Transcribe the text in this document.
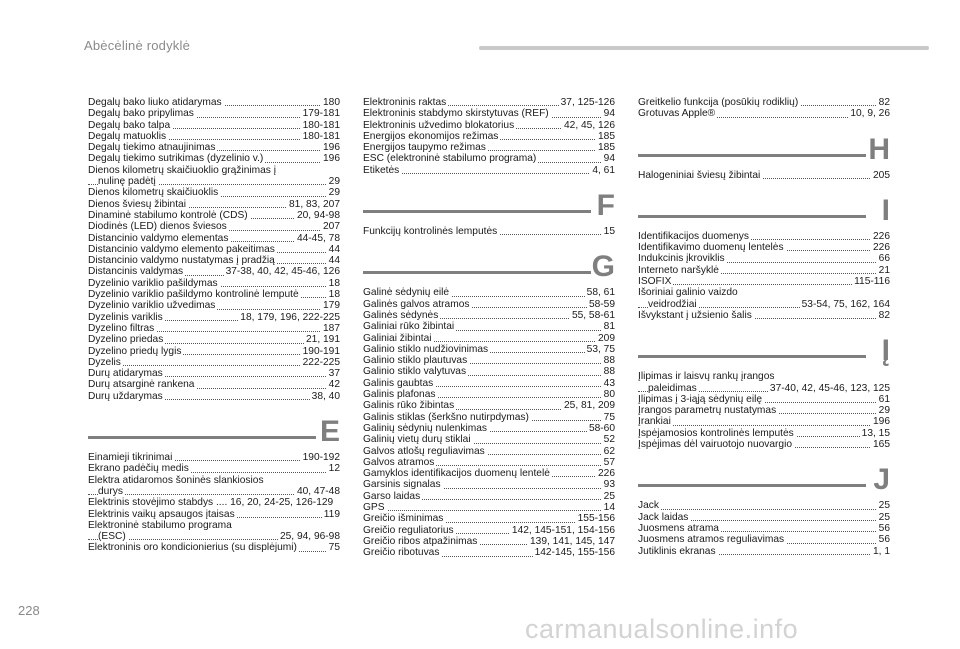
Abėcėlinė rodyklė
180
Degalų bako liuko atidarymas
179-181
Degalų bako pripylimas
180-181
Degalų bako talpa
180-181
Degalų matuoklis
196
Degalų tiekimo atnaujinimas
196
Degalų tiekimo sutrikimas (dyzelinio v.)
Dienos kilometrų skaičiuoklio grąžinimas į
29
nulinę padėtį
29
Dienos kilometrų skaičiuoklis
81, 83, 207
Dienos šviesų žibintai
20, 94-98
Dinaminė stabilumo kontrolė (CDS)
207
Diodinės (LED) dienos šviesos
44-45, 78
Distancinio valdymo elementas
44
Distancinio valdymo elemento pakeitimas
44
Distancinio valdymo nustatymas į pradžią
37-38, 40, 42, 45-46, 126
Distancinis valdymas
18
Dyzelinio variklio pašildymas
18
Dyzelinio variklio pašildymo kontrolinė lemputė
179
Dyzelinio variklio užvedimas
18, 179, 196, 222-225
Dyzelinis variklis
187
Dyzelino filtras
21, 191
Dyzelino priedas
190-191
Dyzelino priedų lygis
222-225
Dyzelis
37
Durų atidarymas
42
Durų atsarginė rankena
38, 40
Durų uždarymas
E
190-192
Einamieji tikrinimai
12
Ekrano padėčių medis
Elektra atidaromos šoninės slankiosios
40, 47-48
durys
Elektrinis stovėjimo stabdys .... 16, 20, 24-25, 126-129
119
Elektrinis vaikų apsaugos įtaisas
Elektroninė stabilumo programa
25, 94, 96-98
(ESC)
75
Elektroninis oro kondicionierius (su displėjumi)
37, 125-126
Elektroninis raktas
94
Elektroninis stabdymo skirstytuvas (REF)
42, 45, 126
Elektroninis užvedimo blokatorius
185
Energijos ekonomijos režimas
185
Energijos taupymo režimas
94
ESC (elektroninė stabilumo programa)
4, 61
Etiketės
F
15
Funkcijų kontrolinės lemputės
G
58, 61
Galinė sėdynių eilė
58-59
Galinės galvos atramos
55, 58-61
Galinės sėdynės
81
Galiniai rūko žibintai
209
Galiniai žibintai
53, 75
Galinio stiklo nudžiovinimas
88
Galinio stiklo plautuvas
88
Galinio stiklo valytuvas
43
Galinis gaubtas
80
Galinis plafonas
25, 81, 209
Galinis rūko žibintas
75
Galinis stiklas (šerkšno nutirpdymas)
58-60
Galinių sėdynių nulenkimas
52
Galinių vietų durų stiklai
62
Galvos atlošų reguliavimas
57
Galvos atramos
226
Gamyklos identifikacijos duomenų lentelė
93
Garsinis signalas
25
Garso laidas
14
GPS
155-156
Greičio išminimas
142, 145-151, 154-156
Greičio reguliatorius
139, 141, 145, 147
Greičio ribos atpažinimas
142-145, 155-156
Greičio ribotuvas
82
Greitkelio funkcija (posūkių rodiklių)
10, 9, 26
Grotuvas Apple®
H
205
Halogeniniai šviesų žibintai
I
226
Identifikacijos duomenys
226
Identifikavimo duomenų lentelės
66
Indukcinis įkroviklis
21
Interneto naršyklė
115-116
ISOFIX
Išoriniai galinio vaizdo
53-54, 75, 162, 164
veidrodžiai
82
Išvykstant į užsienio šalis
Į
Įlipimas ir laisvų rankų įrangos
37-40, 42, 45-46, 123, 125
paleidimas
61
Įlipimas į 3-iąją sėdynių eilę
29
Įrangos parametrų nustatymas
196
Įrankiai
13, 15
Įspėjamosios kontrolinės lemputės
165
Įspėjimas dėl vairuotojo nuovargio
J
25
Jack
25
Jack laidas
56
Juosmens atrama
56
Juosmens atramos reguliavimas
1, 1
Jutiklinis ekranas
228
carmanualsonline.info
